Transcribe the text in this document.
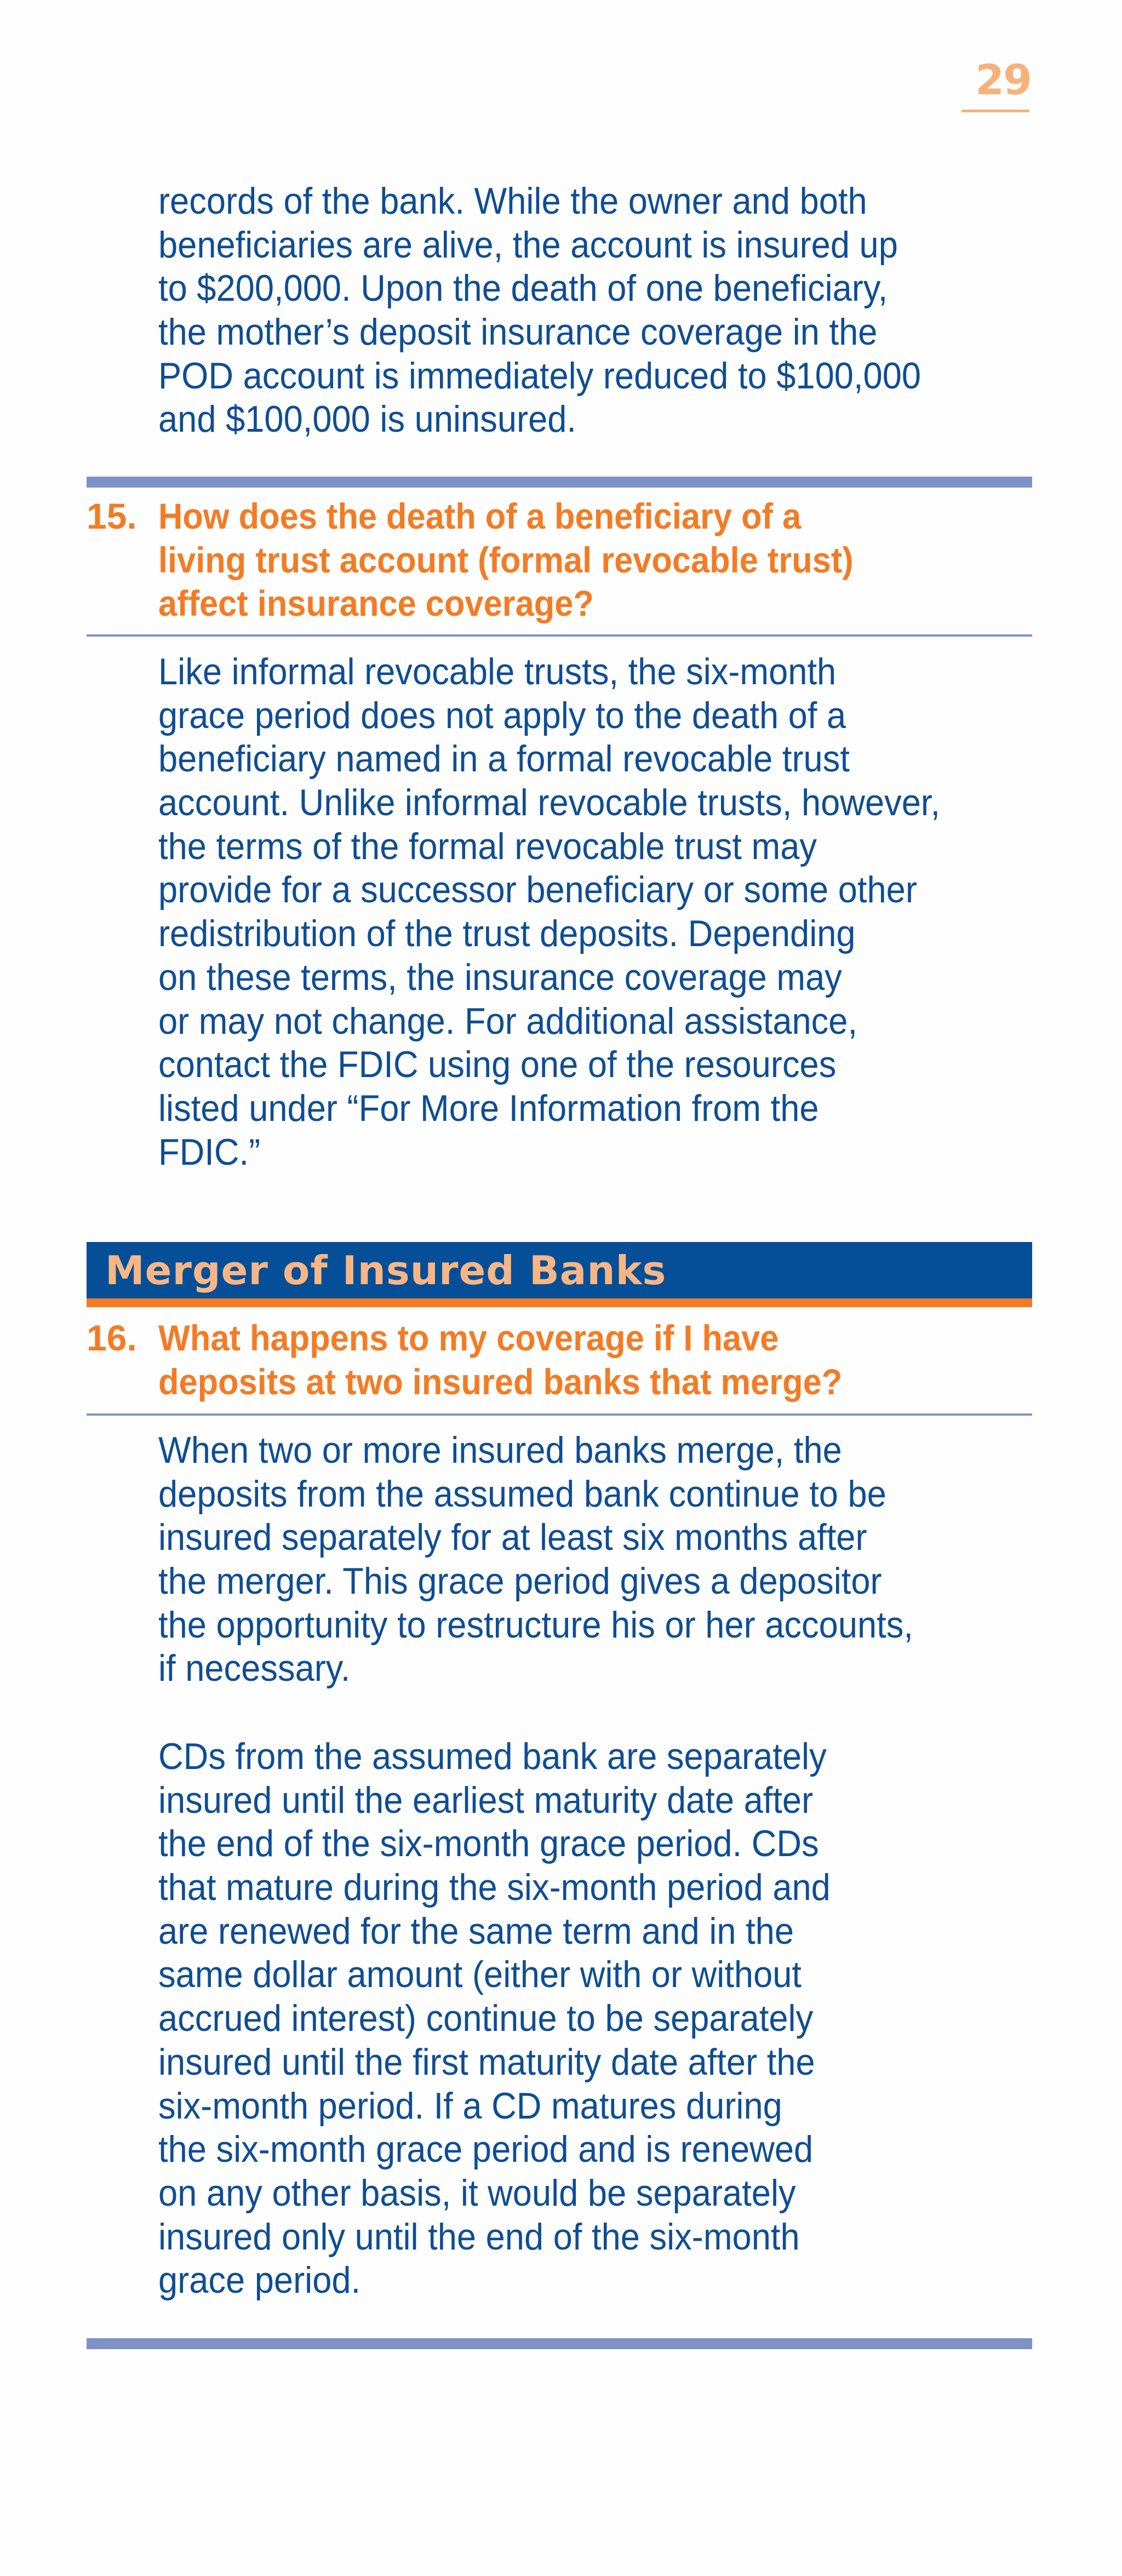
29
records of the bank. While the owner and both
beneficiaries are alive, the account is insured up
to $200,000. Upon the death of one beneficiary,
the mother’s deposit insurance coverage in the
POD account is immediately reduced to $100,000
and $100,000 is uninsured.
15. How does the death of a beneficiary of a
living trust account (formal revocable trust)
affect insurance coverage?
Like informal revocable trusts, the six-month
grace period does not apply to the death of a
beneficiary named in a formal revocable trust
account. Unlike informal revocable trusts, however,
the terms of the formal revocable trust may
provide for a successor beneficiary or some other
redistribution of the trust deposits. Depending
on these terms, the insurance coverage may
or may not change. For additional assistance,
contact the FDIC using one of the resources
listed under “For More Information from the
FDIC.”
Merger of Insured Banks
16. What happens to my coverage if I have
deposits at two insured banks that merge?
When two or more insured banks merge, the
deposits from the assumed bank continue to be
insured separately for at least six months after
the merger. This grace period gives a depositor
the opportunity to restructure his or her accounts,
if necessary.
CDs from the assumed bank are separately
insured until the earliest maturity date after
the end of the six-month grace period. CDs
that mature during the six-month period and
are renewed for the same term and in the
same dollar amount (either with or without
accrued interest) continue to be separately
insured until the first maturity date after the
six-month period. If a CD matures during
the six-month grace period and is renewed
on any other basis, it would be separately
insured only until the end of the six-month
grace period.
